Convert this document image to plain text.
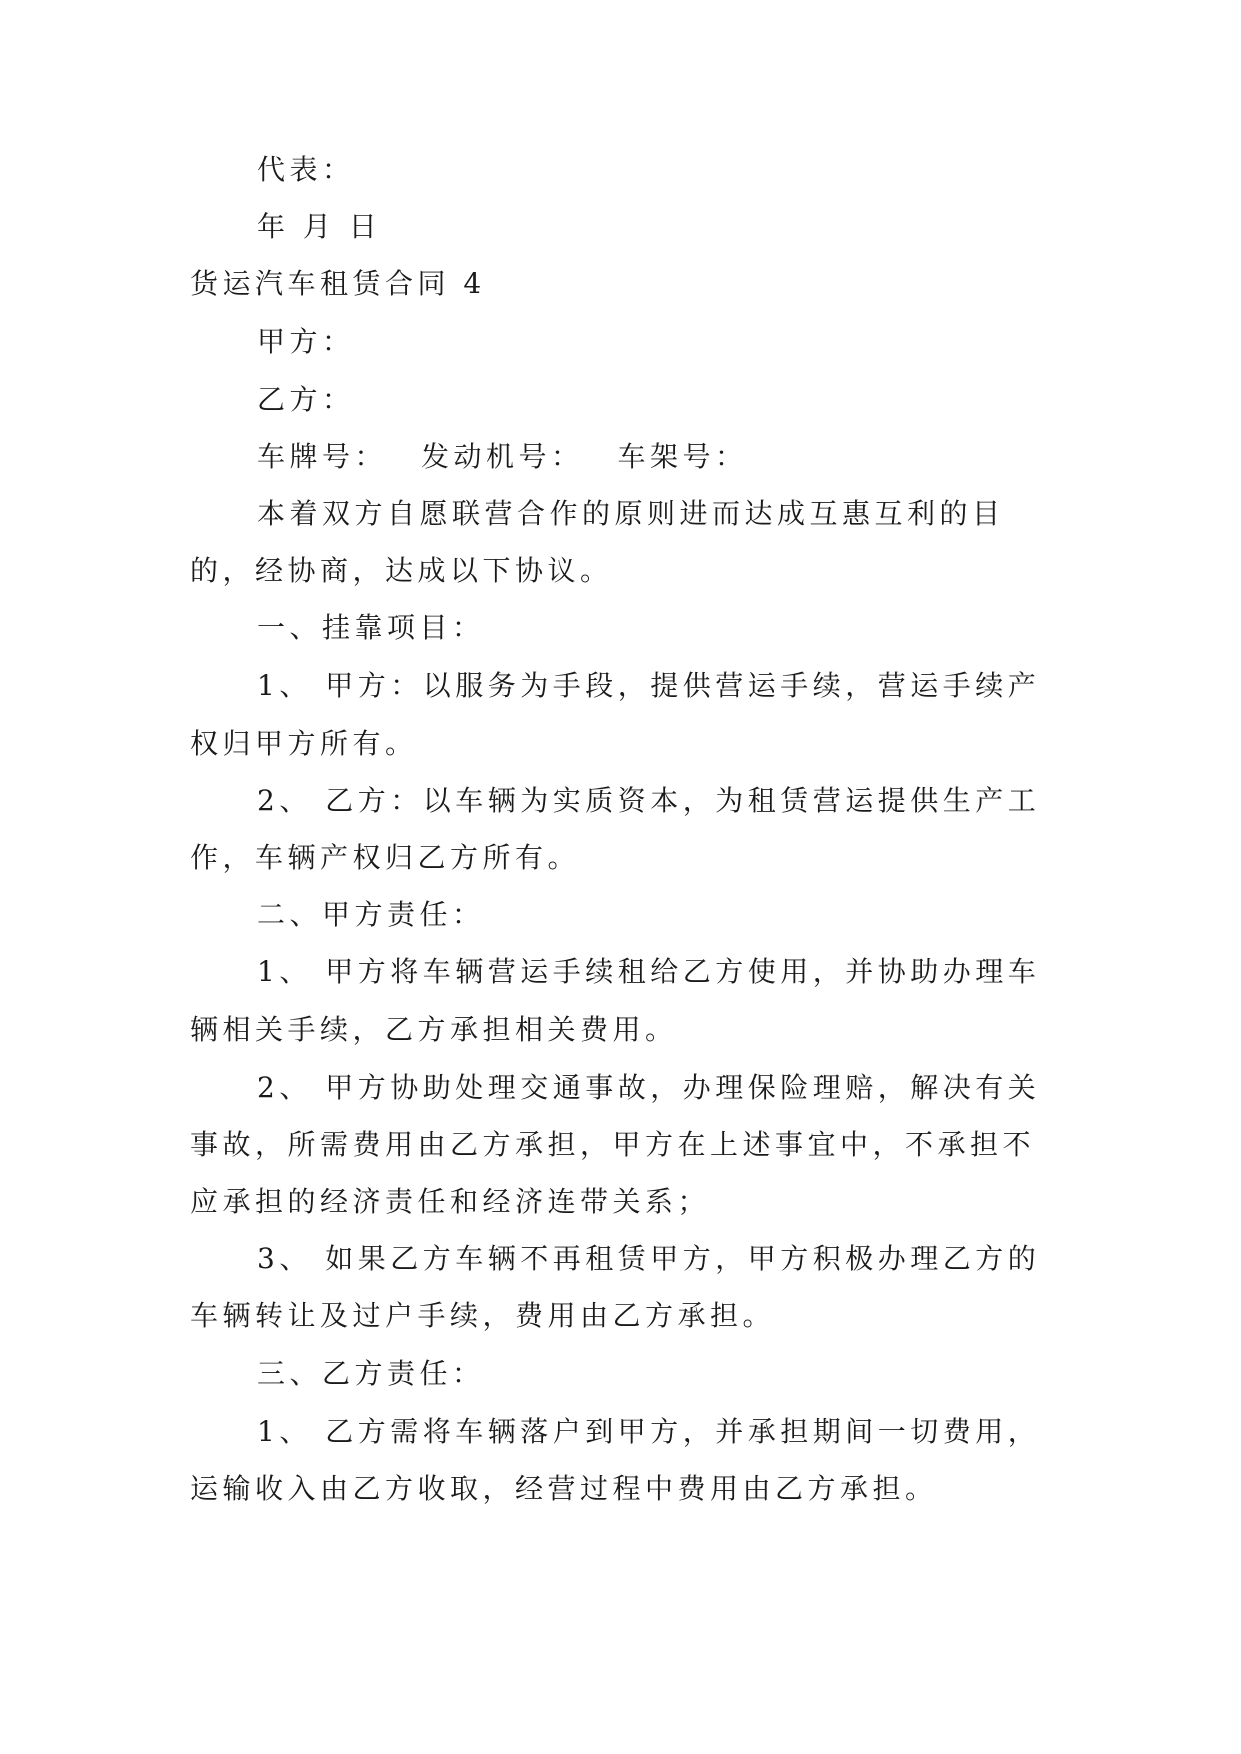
代表：
年 月 日
货运汽车租赁合同 4
甲方：
乙方：
车牌号： 发动机号： 车架号：
本着双方自愿联营合作的原则进而达成互惠互利的目
的，经协商，达成以下协议。
一、挂靠项目：
1、 甲方：以服务为手段，提供营运手续，营运手续产
权归甲方所有。
2、 乙方：以车辆为实质资本，为租赁营运提供生产工
作，车辆产权归乙方所有。
二、甲方责任：
1、 甲方将车辆营运手续租给乙方使用，并协助办理车
辆相关手续，乙方承担相关费用。
2、 甲方协助处理交通事故，办理保险理赔，解决有关
事故，所需费用由乙方承担，甲方在上述事宜中，不承担不
应承担的经济责任和经济连带关系；
3、 如果乙方车辆不再租赁甲方，甲方积极办理乙方的
车辆转让及过户手续，费用由乙方承担。
三、乙方责任：
1、 乙方需将车辆落户到甲方，并承担期间一切费用，
运输收入由乙方收取，经营过程中费用由乙方承担。
